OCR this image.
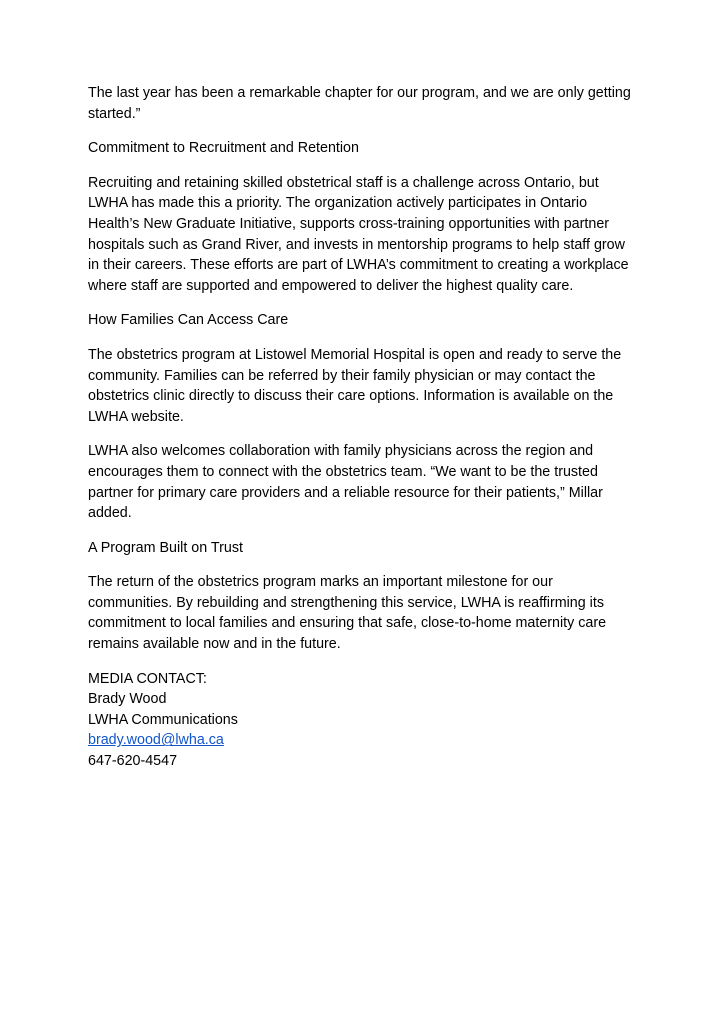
The last year has been a remarkable chapter for our program, and we are only getting started.”

Commitment to Recruitment and Retention

Recruiting and retaining skilled obstetrical staff is a challenge across Ontario, but LWHA has made this a priority. The organization actively participates in Ontario Health’s New Graduate Initiative, supports cross-training opportunities with partner hospitals such as Grand River, and invests in mentorship programs to help staff grow in their careers. These efforts are part of LWHA’s commitment to creating a workplace where staff are supported and empowered to deliver the highest quality care.

How Families Can Access Care

The obstetrics program at Listowel Memorial Hospital is open and ready to serve the community. Families can be referred by their family physician or may contact the obstetrics clinic directly to discuss their care options. Information is available on the LWHA website.

LWHA also welcomes collaboration with family physicians across the region and encourages them to connect with the obstetrics team. “We want to be the trusted partner for primary care providers and a reliable resource for their patients,” Millar added.

A Program Built on Trust

The return of the obstetrics program marks an important milestone for our communities. By rebuilding and strengthening this service, LWHA is reaffirming its commitment to local families and ensuring that safe, close-to-home maternity care remains available now and in the future.

MEDIA CONTACT:

Brady Wood

LWHA Communications

brady.wood@lwha.ca

647-620-4547
